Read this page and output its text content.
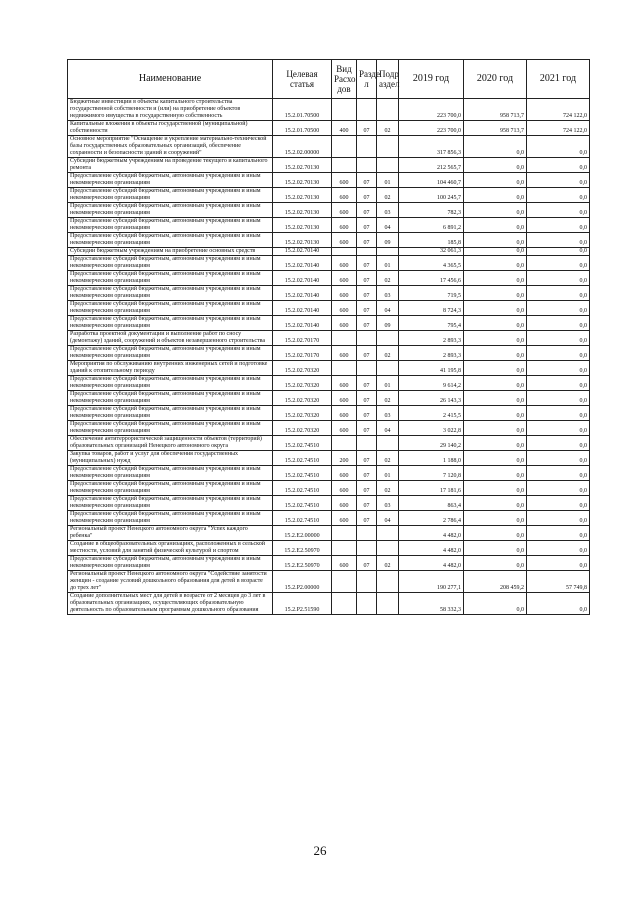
Наименование	Целевая статья	Вид Расхо дов	Разде л	Подр аздел	2019 год	2020 год	2021 год
Бюджетные инвестиции в объекты капитального строительства государственной собственности и (или) на приобретение объектов недвижимого имущества в государственную собственность	15.2.01.70500				223 700,0	958 713,7	724 122,0
Капитальные вложения в объекты государственной (муниципальной) собственности	15.2.01.70500	400	07	02	223 700,0	958 713,7	724 122,0
Основное мероприятие "Оснащение и укрепление материально-технической базы государственных образовательных организаций, обеспечение сохранности и безопасности зданий и сооружений"	15.2.02.00000				317 856,3	0,0	0,0
Субсидии бюджетным учреждениям на проведение текущего и капитального ремонта	15.2.02.70130				212 565,7	0,0	0,0
Предоставление субсидий бюджетным, автономным учреждениям и иным некоммерческим организациям	15.2.02.70130	600	07	01	104 460,7	0,0	0,0
Предоставление субсидий бюджетным, автономным учреждениям и иным некоммерческим организациям	15.2.02.70130	600	07	02	100 245,7	0,0	0,0
Предоставление субсидий бюджетным, автономным учреждениям и иным некоммерческим организациям	15.2.02.70130	600	07	03	782,3	0,0	0,0
Предоставление субсидий бюджетным, автономным учреждениям и иным некоммерческим организациям	15.2.02.70130	600	07	04	6 891,2	0,0	0,0
Предоставление субсидий бюджетным, автономным учреждениям и иным некоммерческим организациям	15.2.02.70130	600	07	09	185,8	0,0	0,0
Субсидии бюджетным учреждениям на приобретение основных средств	15.2.02.70140				32 061,3	0,0	0,0
Предоставление субсидий бюджетным, автономным учреждениям и иным некоммерческим организациям	15.2.02.70140	600	07	01	4 365,5	0,0	0,0
Предоставление субсидий бюджетным, автономным учреждениям и иным некоммерческим организациям	15.2.02.70140	600	07	02	17 456,6	0,0	0,0
Предоставление субсидий бюджетным, автономным учреждениям и иным некоммерческим организациям	15.2.02.70140	600	07	03	719,5	0,0	0,0
Предоставление субсидий бюджетным, автономным учреждениям и иным некоммерческим организациям	15.2.02.70140	600	07	04	8 724,3	0,0	0,0
Предоставление субсидий бюджетным, автономным учреждениям и иным некоммерческим организациям	15.2.02.70140	600	07	09	795,4	0,0	0,0
Разработка проектной документации и выполнение работ по сносу (демонтажу) зданий, сооружений и объектов незавершенного строительства	15.2.02.70170				2 893,3	0,0	0,0
Предоставление субсидий бюджетным, автономным учреждениям и иным некоммерческим организациям	15.2.02.70170	600	07	02	2 893,3	0,0	0,0
Мероприятия по обслуживанию внутренних инженерных сетей и подготовке зданий к отопительному периоду	15.2.02.70320				41 195,8	0,0	0,0
Предоставление субсидий бюджетным, автономным учреждениям и иным некоммерческим организациям	15.2.02.70320	600	07	01	9 614,2	0,0	0,0
Предоставление субсидий бюджетным, автономным учреждениям и иным некоммерческим организациям	15.2.02.70320	600	07	02	26 143,3	0,0	0,0
Предоставление субсидий бюджетным, автономным учреждениям и иным некоммерческим организациям	15.2.02.70320	600	07	03	2 415,5	0,0	0,0
Предоставление субсидий бюджетным, автономным учреждениям и иным некоммерческим организациям	15.2.02.70320	600	07	04	3 022,8	0,0	0,0
Обеспечение антитеррористической защищенности объектов (территорий) образовательных организаций Ненецкого автономного округа	15.2.02.74510				29 140,2	0,0	0,0
Закупка товаров, работ и услуг для обеспечения государственных (муниципальных) нужд	15.2.02.74510	200	07	02	1 188,0	0,0	0,0
Предоставление субсидий бюджетным, автономным учреждениям и иным некоммерческим организациям	15.2.02.74510	600	07	01	7 120,8	0,0	0,0
Предоставление субсидий бюджетным, автономным учреждениям и иным некоммерческим организациям	15.2.02.74510	600	07	02	17 181,6	0,0	0,0
Предоставление субсидий бюджетным, автономным учреждениям и иным некоммерческим организациям	15.2.02.74510	600	07	03	863,4	0,0	0,0
Предоставление субсидий бюджетным, автономным учреждениям и иным некоммерческим организациям	15.2.02.74510	600	07	04	2 786,4	0,0	0,0
Региональный проект Ненецкого автономного округа "Успех каждого ребенка"	15.2.E2.00000				4 482,0	0,0	0,0
Создание в общеобразовательных организациях, расположенных в сельской местности, условий для занятий физической культурой и спортом	15.2.E2.50970				4 482,0	0,0	0,0
Предоставление субсидий бюджетным, автономным учреждениям и иным некоммерческим организациям	15.2.E2.50970	600	07	02	4 482,0	0,0	0,0
Региональный проект Ненецкого автономного округа "Содействие занятости женщин - создание условий дошкольного образования для детей в возрасте до трех лет"	15.2.P2.00000				190 277,1	208 459,2	57 749,8
Создание дополнительных мест для детей в возрасте от 2 месяцев до 3 лет в образовательных организациях, осуществляющих образовательную деятельность по образовательным программам дошкольного образования	15.2.P2.51590				58 332,3	0,0	0,0
26
